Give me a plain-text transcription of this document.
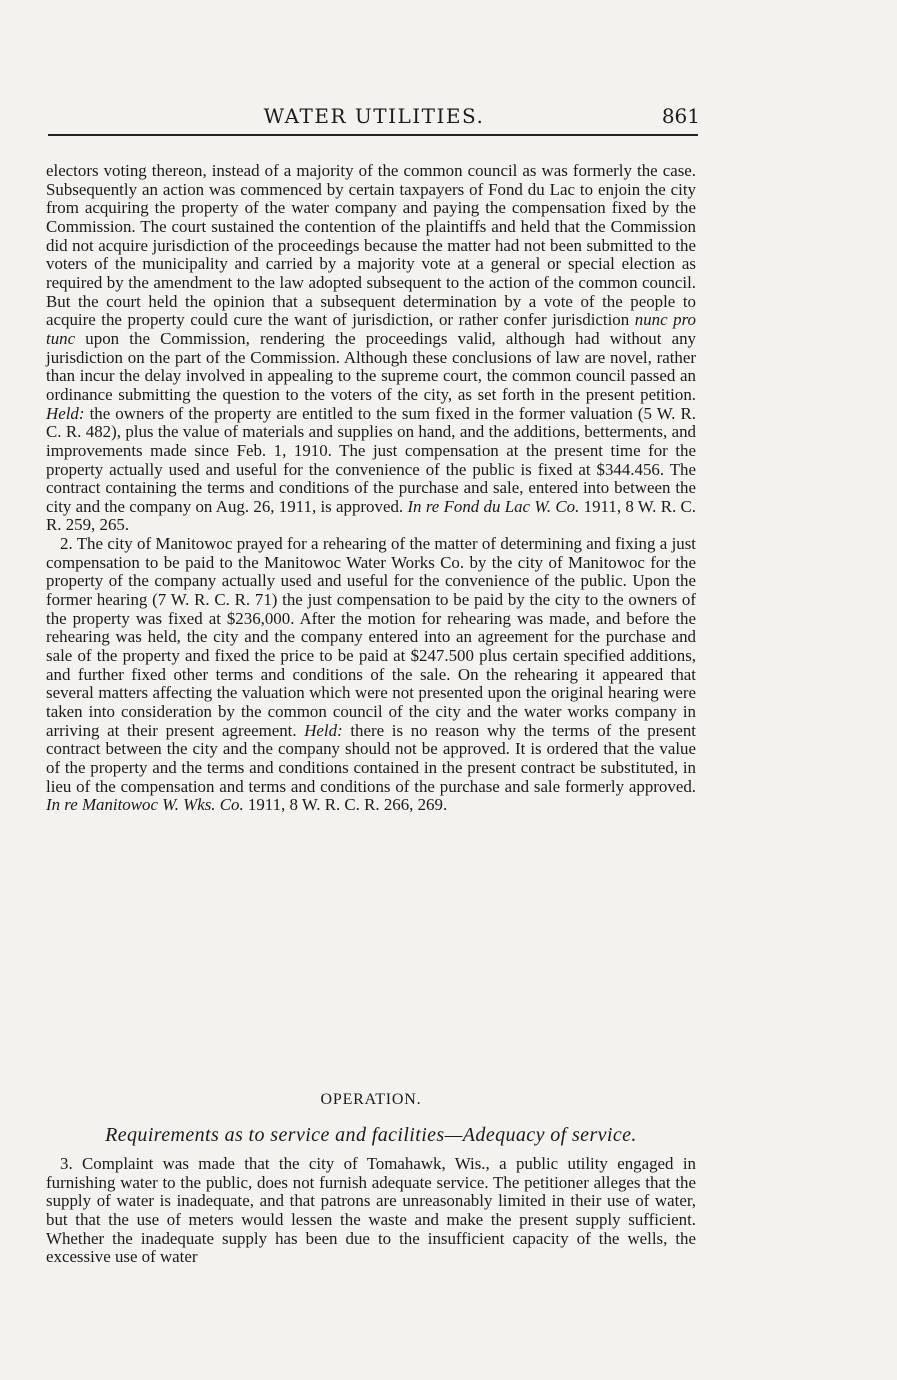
WATER UTILITIES.	861

electors voting thereon, instead of a majority of the common council as was formerly the case. Subsequently an action was commenced by certain taxpayers of Fond du Lac to enjoin the city from acquiring the property of the water company and paying the compensation fixed by the Commission. The court sustained the contention of the plaintiffs and held that the Commission did not acquire jurisdiction of the proceedings because the matter had not been submitted to the voters of the municipality and carried by a majority vote at a general or special election as required by the amendment to the law adopted subsequent to the action of the common council. But the court held the opinion that a subsequent determination by a vote of the people to acquire the property could cure the want of jurisdiction, or rather confer jurisdiction nunc pro tunc upon the Commission, rendering the proceedings valid, although had without any jurisdiction on the part of the Commission. Although these conclusions of law are novel, rather than incur the delay involved in appealing to the supreme court, the common council passed an ordinance submitting the question to the voters of the city, as set forth in the present petition. Held: the owners of the property are entitled to the sum fixed in the former valuation (5 W. R. C. R. 482), plus the value of materials and supplies on hand, and the additions, betterments, and improvements made since Feb. 1, 1910. The just compensation at the present time for the property actually used and useful for the convenience of the public is fixed at $344.456. The contract containing the terms and conditions of the purchase and sale, entered into between the city and the company on Aug. 26, 1911, is approved. In re Fond du Lac W. Co. 1911, 8 W. R. C. R. 259, 265.

2. The city of Manitowoc prayed for a rehearing of the matter of determining and fixing a just compensation to be paid to the Manitowoc Water Works Co. by the city of Manitowoc for the property of the company actually used and useful for the convenience of the public. Upon the former hearing (7 W. R. C. R. 71) the just compensation to be paid by the city to the owners of the property was fixed at $236,000. After the motion for rehearing was made, and before the rehearing was held, the city and the company entered into an agreement for the purchase and sale of the property and fixed the price to be paid at $247.500 plus certain specified additions, and further fixed other terms and conditions of the sale. On the rehearing it appeared that several matters affecting the valuation which were not presented upon the original hearing were taken into consideration by the common council of the city and the water works company in arriving at their present agreement. Held: there is no reason why the terms of the present contract between the city and the company should not be approved. It is ordered that the value of the property and the terms and conditions contained in the present contract be substituted, in lieu of the compensation and terms and conditions of the purchase and sale formerly approved. In re Manitowoc W. Wks. Co. 1911, 8 W. R. C. R. 266, 269.

OPERATION.
Requirements as to service and facilities—Adequacy of service.

3. Complaint was made that the city of Tomahawk, Wis., a public utility engaged in furnishing water to the public, does not furnish adequate service. The petitioner alleges that the supply of water is inadequate, and that patrons are unreasonably limited in their use of water, but that the use of meters would lessen the waste and make the present supply sufficient. Whether the inadequate supply has been due to the insufficient capacity of the wells, the excessive use of water
